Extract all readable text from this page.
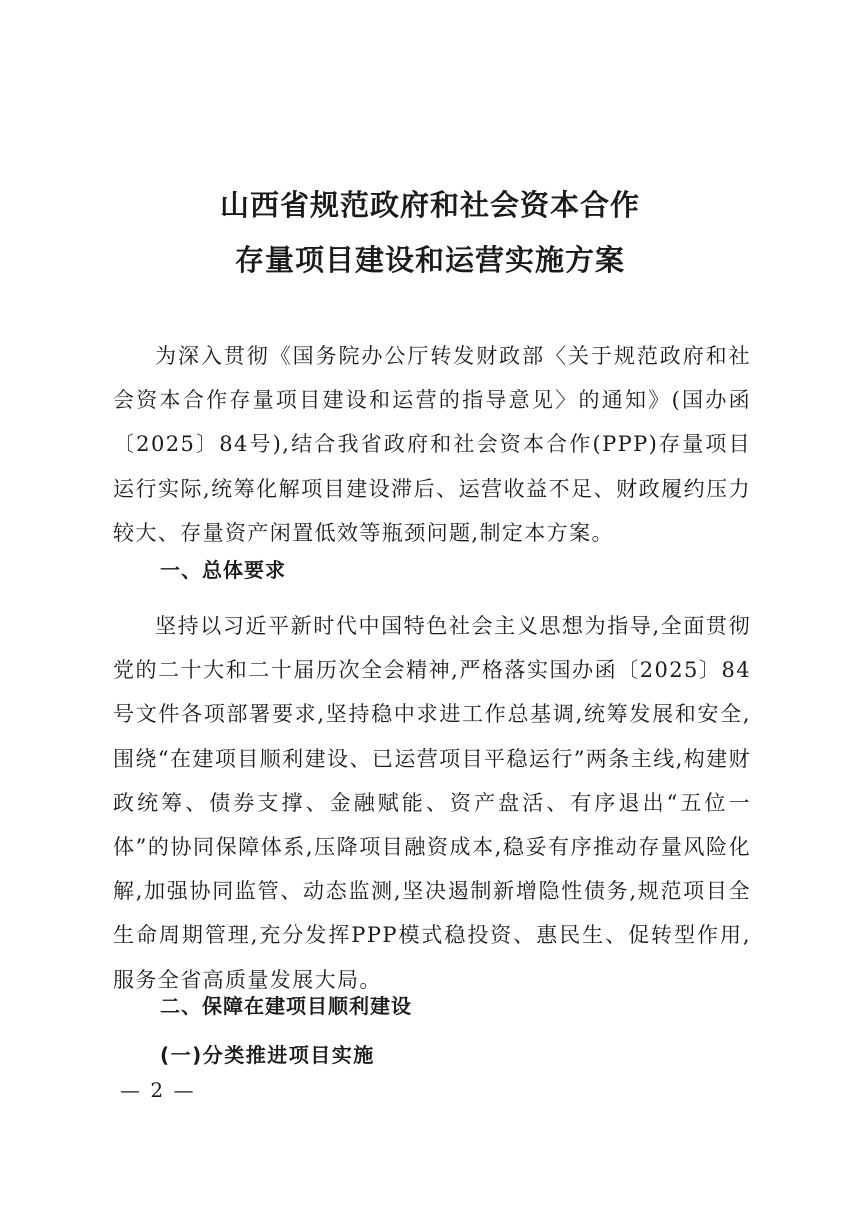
山西省规范政府和社会资本合作
存量项目建设和运营实施方案

为深入贯彻《国务院办公厅转发财政部〈关于规范政府和社会资本合作存量项目建设和运营的指导意见〉的通知》(国办函〔2025〕84号),结合我省政府和社会资本合作(PPP)存量项目运行实际,统筹化解项目建设滞后、运营收益不足、财政履约压力较大、存量资产闲置低效等瓶颈问题,制定本方案。

一、总体要求

坚持以习近平新时代中国特色社会主义思想为指导,全面贯彻党的二十大和二十届历次全会精神,严格落实国办函〔2025〕84号文件各项部署要求,坚持稳中求进工作总基调,统筹发展和安全,围绕“在建项目顺利建设、已运营项目平稳运行”两条主线,构建财政统筹、债券支撑、金融赋能、资产盘活、有序退出“五位一体”的协同保障体系,压降项目融资成本,稳妥有序推动存量风险化解,加强协同监管、动态监测,坚决遏制新增隐性债务,规范项目全生命周期管理,充分发挥PPP模式稳投资、惠民生、促转型作用,服务全省高质量发展大局。

二、保障在建项目顺利建设
(一)分类推进项目实施
— 2 —
